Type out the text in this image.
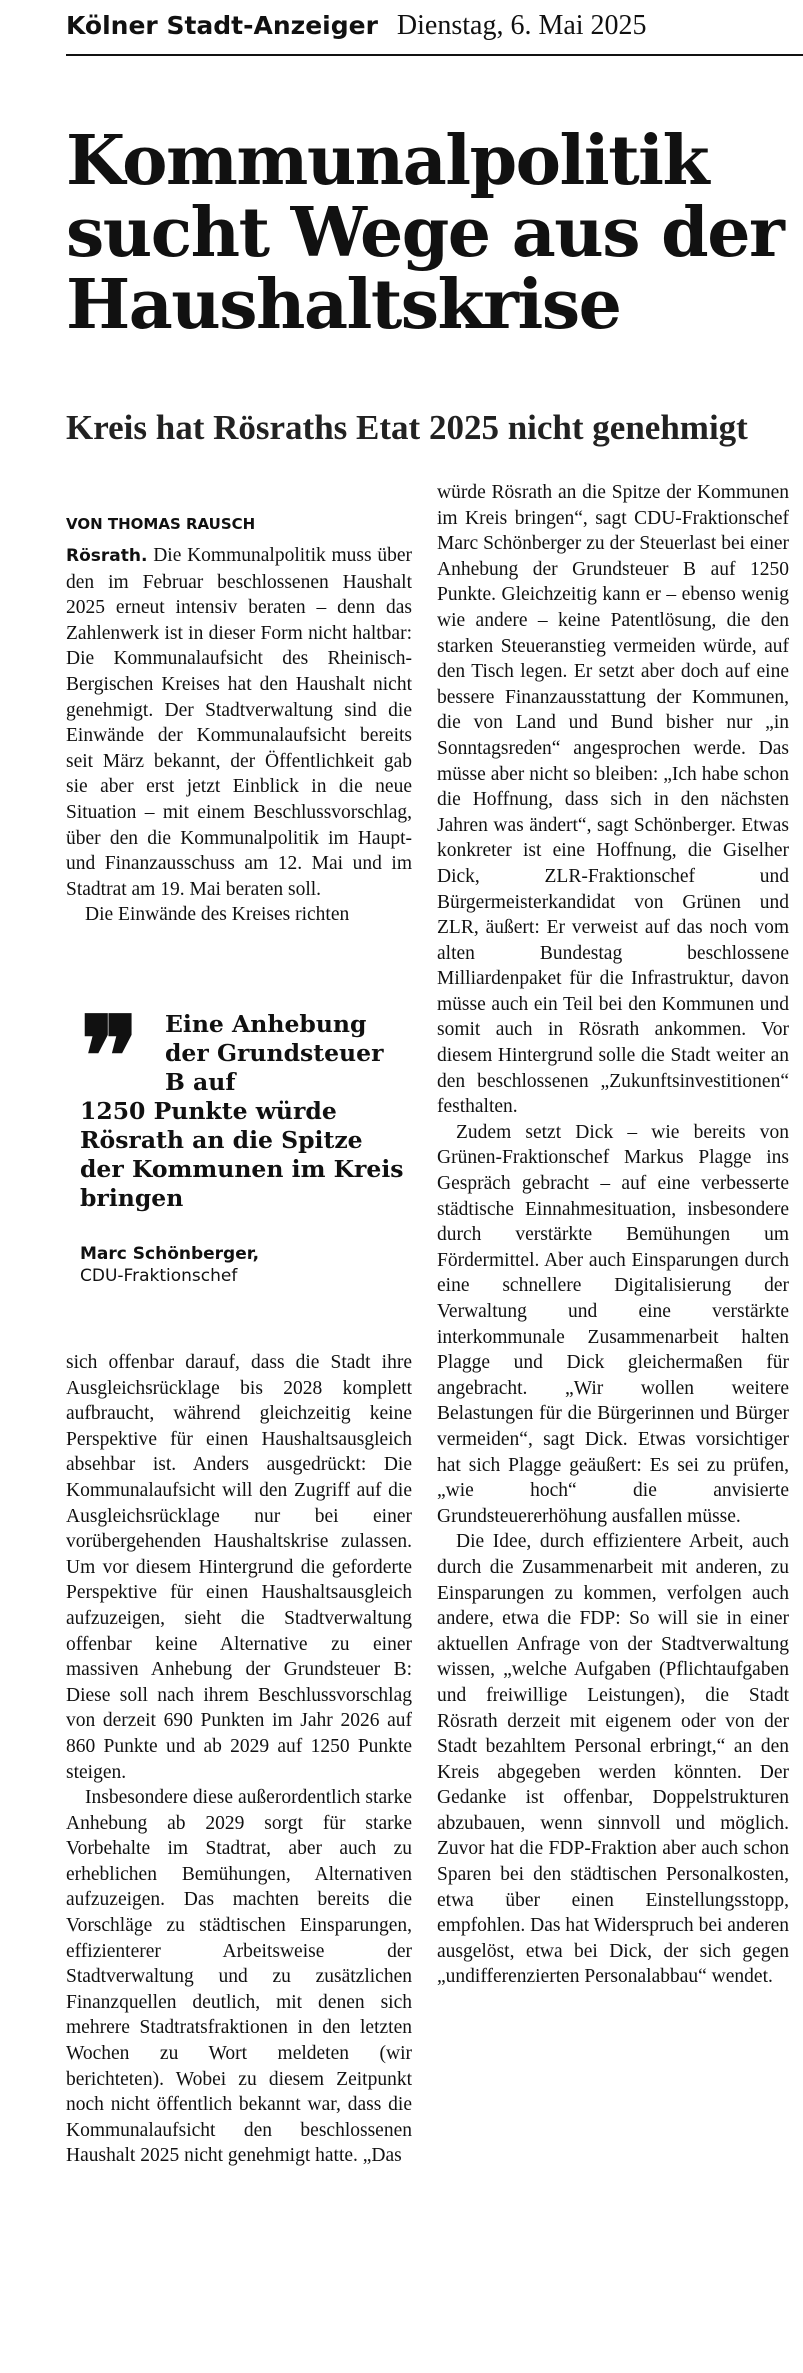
Kölner Stadt-Anzeiger Dienstag, 6. Mai 2025
Kommunalpolitik sucht Wege aus der Haushaltskrise
Kreis hat Rösraths Etat 2025 nicht genehmigt
VON THOMAS RAUSCH

Rösrath. Die Kommunalpolitik muss über den im Februar beschlossenen Haushalt 2025 erneut intensiv beraten – denn das Zahlenwerk ist in dieser Form nicht haltbar: Die Kommunalaufsicht des Rheinisch-Bergischen Kreises hat den Haushalt nicht genehmigt. Der Stadtverwaltung sind die Einwände der Kommunalaufsicht bereits seit März bekannt, der Öffentlichkeit gab sie aber erst jetzt Einblick in die neue Situation – mit einem Beschlussvorschlag, über den die Kommunalpolitik im Haupt- und Finanzausschuss am 12. Mai und im Stadtrat am 19. Mai beraten soll.

Die Einwände des Kreises richten

❞	Eine Anhebung der Grundsteuer B auf
1250 Punkte würde Rösrath an die Spitze der Kommunen im Kreis bringen
Marc Schönberger,
CDU-Fraktionschef

sich offenbar darauf, dass die Stadt ihre Ausgleichsrücklage bis 2028 komplett aufbraucht, während gleichzeitig keine Perspektive für einen Haushaltsausgleich absehbar ist. Anders ausgedrückt: Die Kommunalaufsicht will den Zugriff auf die Ausgleichsrücklage nur bei einer vorübergehenden Haushaltskrise zulassen. Um vor diesem Hintergrund die geforderte Perspektive für einen Haushaltsausgleich aufzuzeigen, sieht die Stadtverwaltung offenbar keine Alternative zu einer massiven Anhebung der Grundsteuer B: Diese soll nach ihrem Beschlussvorschlag von derzeit 690 Punkten im Jahr 2026 auf 860 Punkte und ab 2029 auf 1250 Punkte steigen.

Insbesondere diese außerordentlich starke Anhebung ab 2029 sorgt für starke Vorbehalte im Stadtrat, aber auch zu erheblichen Bemühungen, Alternativen aufzuzeigen. Das machten bereits die Vorschläge zu städtischen Einsparungen, effizienterer Arbeitsweise der Stadtverwaltung und zu zusätzlichen Finanzquellen deutlich, mit denen sich mehrere Stadtratsfraktionen in den letzten Wochen zu Wort meldeten (wir berichteten). Wobei zu diesem Zeitpunkt noch nicht öffentlich bekannt war, dass die Kommunalaufsicht den beschlossenen Haushalt 2025 nicht genehmigt hatte. „Das

würde Rösrath an die Spitze der Kommunen im Kreis bringen“, sagt CDU-Fraktionschef Marc Schönberger zu der Steuerlast bei einer Anhebung der Grundsteuer B auf 1250 Punkte. Gleichzeitig kann er – ebenso wenig wie andere – keine Patentlösung, die den starken Steueranstieg vermeiden würde, auf den Tisch legen. Er setzt aber doch auf eine bessere Finanzausstattung der Kommunen, die von Land und Bund bisher nur „in Sonntagsreden“ angesprochen werde. Das müsse aber nicht so bleiben: „Ich habe schon die Hoffnung, dass sich in den nächsten Jahren was ändert“, sagt Schönberger. Etwas konkreter ist eine Hoffnung, die Giselher Dick, ZLR-Fraktionschef und Bürgermeisterkandidat von Grünen und ZLR, äußert: Er verweist auf das noch vom alten Bundestag beschlossene Milliardenpaket für die Infrastruktur, davon müsse auch ein Teil bei den Kommunen und somit auch in Rösrath ankommen. Vor diesem Hintergrund solle die Stadt weiter an den beschlossenen „Zukunftsinvestitionen“ festhalten.

Zudem setzt Dick – wie bereits von Grünen-Fraktionschef Markus Plagge ins Gespräch gebracht – auf eine verbesserte städtische Einnahmesituation, insbesondere durch verstärkte Bemühungen um Fördermittel. Aber auch Einsparungen durch eine schnellere Digitalisierung der Verwaltung und eine verstärkte interkommunale Zusammenarbeit halten Plagge und Dick gleichermaßen für angebracht. „Wir wollen weitere Belastungen für die Bürgerinnen und Bürger vermeiden“, sagt Dick. Etwas vorsichtiger hat sich Plagge geäußert: Es sei zu prüfen, „wie hoch“ die anvisierte Grundsteuererhöhung ausfallen müsse.

Die Idee, durch effizientere Arbeit, auch durch die Zusammenarbeit mit anderen, zu Einsparungen zu kommen, verfolgen auch andere, etwa die FDP: So will sie in einer aktuellen Anfrage von der Stadtverwaltung wissen, „welche Aufgaben (Pflichtaufgaben und freiwillige Leistungen), die Stadt Rösrath derzeit mit eigenem oder von der Stadt bezahltem Personal erbringt,“ an den Kreis abgegeben werden könnten. Der Gedanke ist offenbar, Doppelstrukturen abzubauen, wenn sinnvoll und möglich. Zuvor hat die FDP-Fraktion aber auch schon Sparen bei den städtischen Personalkosten, etwa über einen Einstellungsstopp, empfohlen. Das hat Widerspruch bei anderen ausgelöst, etwa bei Dick, der sich gegen „undifferenzierten Personalabbau“ wendet.
